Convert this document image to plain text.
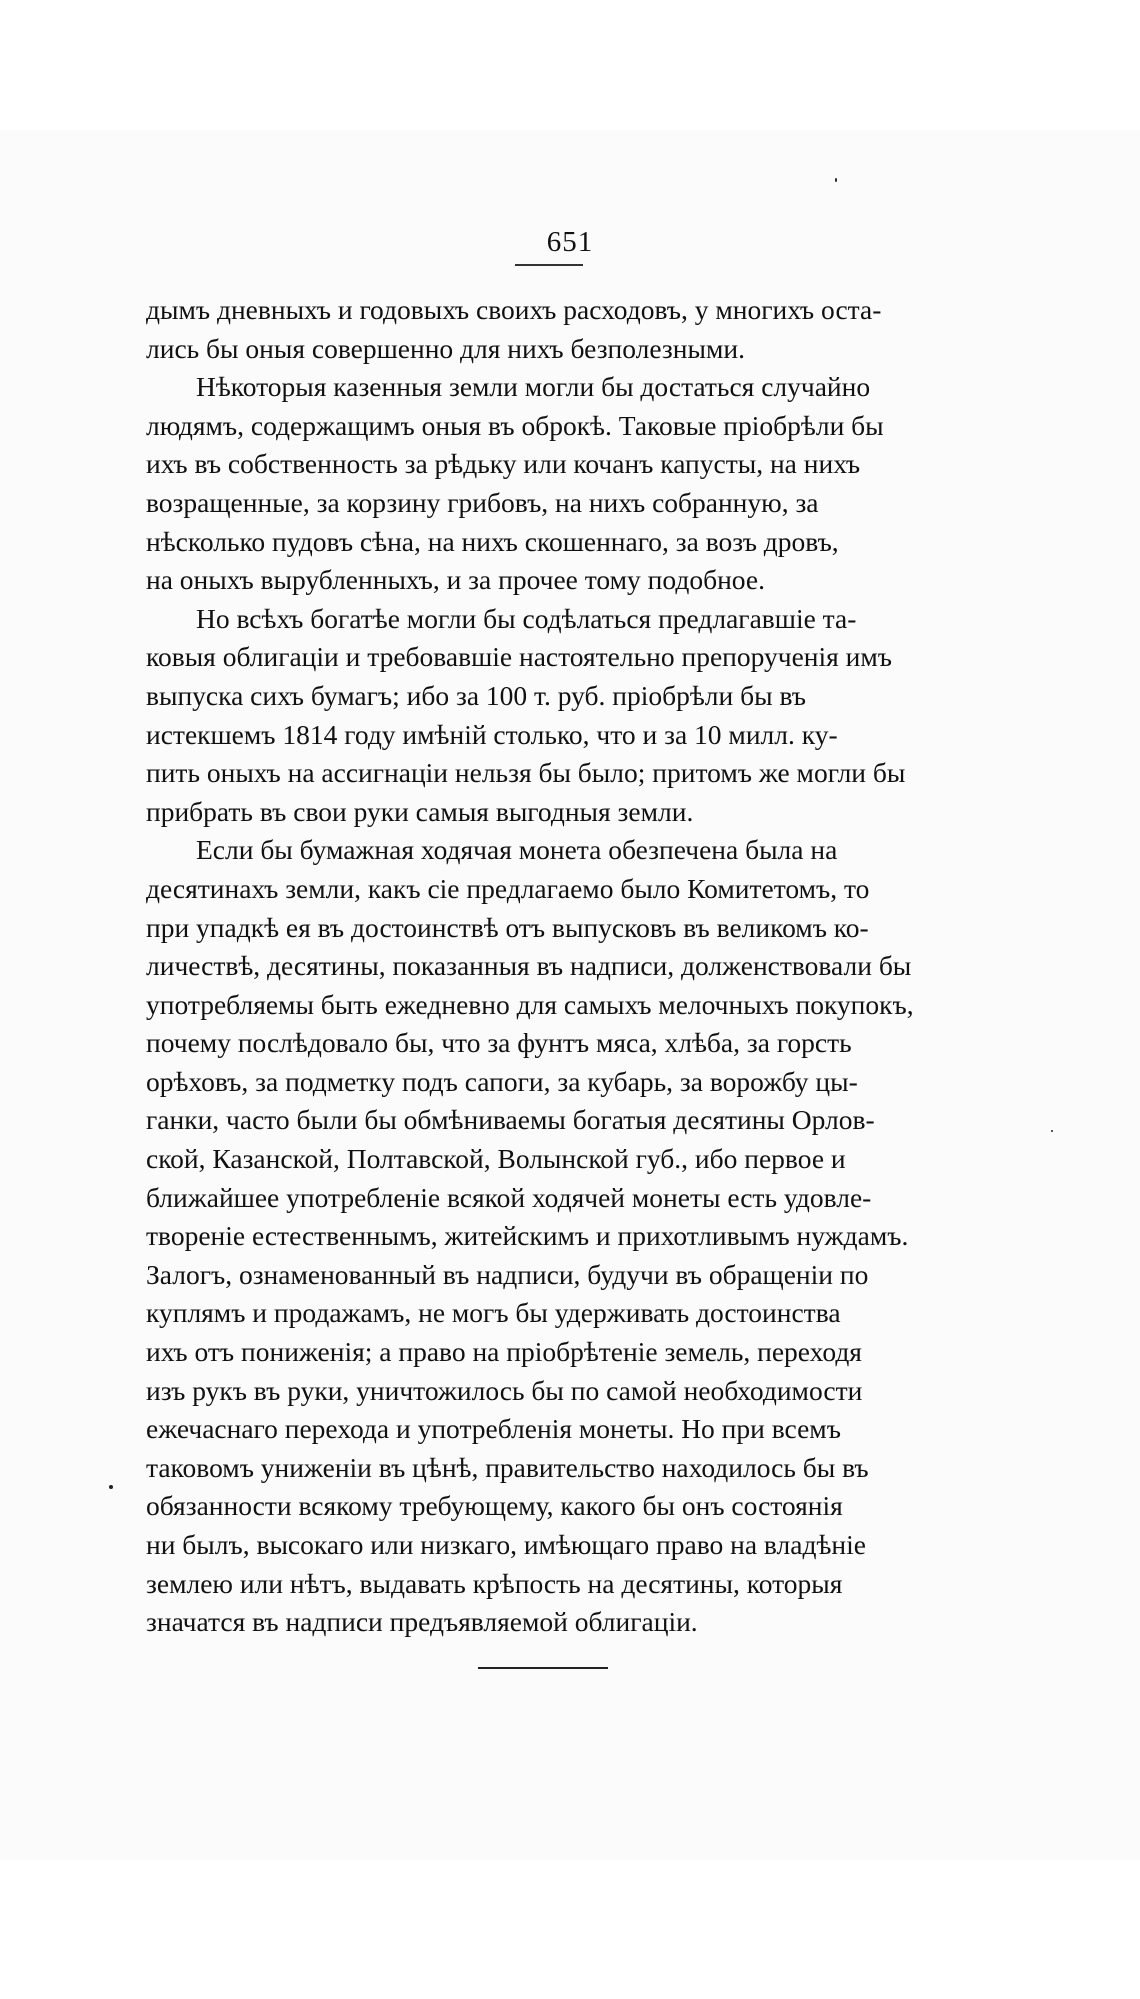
651
дымъ дневныхъ и годовыхъ своихъ расходовъ, у многихъ оста-
лись бы оныя совершенно для нихъ безполезными.
Нѣкоторыя казенныя земли могли бы достаться случайно
людямъ, содержащимъ оныя въ оброкѣ. Таковые пріобрѣли бы
ихъ въ собственность за рѣдьку или кочанъ капусты, на нихъ
возращенные, за корзину грибовъ, на нихъ собранную, за
нѣсколько пудовъ сѣна, на нихъ скошеннаго, за возъ дровъ,
на оныхъ вырубленныхъ, и за прочее тому подобное.
Но всѣхъ богатѣе могли бы содѣлаться предлагавшіе та-
ковыя облигаціи и требовавшіе настоятельно препорученія имъ
выпуска сихъ бумагъ; ибо за 100 т. руб. пріобрѣли бы въ
истекшемъ 1814 году имѣній столько, что и за 10 милл. ку-
пить оныхъ на ассигнаціи нельзя бы было; притомъ же могли бы
прибрать въ свои руки самыя выгодныя земли.
Если бы бумажная ходячая монета обезпечена была на
десятинахъ земли, какъ сіе предлагаемо было Комитетомъ, то
при упадкѣ ея въ достоинствѣ отъ выпусковъ въ великомъ ко-
личествѣ, десятины, показанныя въ надписи, долженствовали бы
употребляемы быть ежедневно для самыхъ мелочныхъ покупокъ,
почему послѣдовало бы, что за фунтъ мяса, хлѣба, за горсть
орѣховъ, за подметку подъ сапоги, за кубарь, за ворожбу цы-
ганки, часто были бы обмѣниваемы богатыя десятины Орлов-
ской, Казанской, Полтавской, Волынской губ., ибо первое и
ближайшее употребленіе всякой ходячей монеты есть удовле-
твореніе естественнымъ, житейскимъ и прихотливымъ нуждамъ.
Залогъ, ознаменованный въ надписи, будучи въ обращеніи по
куплямъ и продажамъ, не могъ бы удерживать достоинства
ихъ отъ пониженія; а право на пріобрѣтеніе земель, переходя
изъ рукъ въ руки, уничтожилось бы по самой необходимости
ежечаснаго перехода и употребленія монеты. Но при всемъ
таковомъ униженіи въ цѣнѣ, правительство находилось бы въ
обязанности всякому требующему, какого бы онъ состоянія
ни былъ, высокаго или низкаго, имѣющаго право на владѣніе
землею или нѣтъ, выдавать крѣпость на десятины, которыя
значатся въ надписи предъявляемой облигаціи.
